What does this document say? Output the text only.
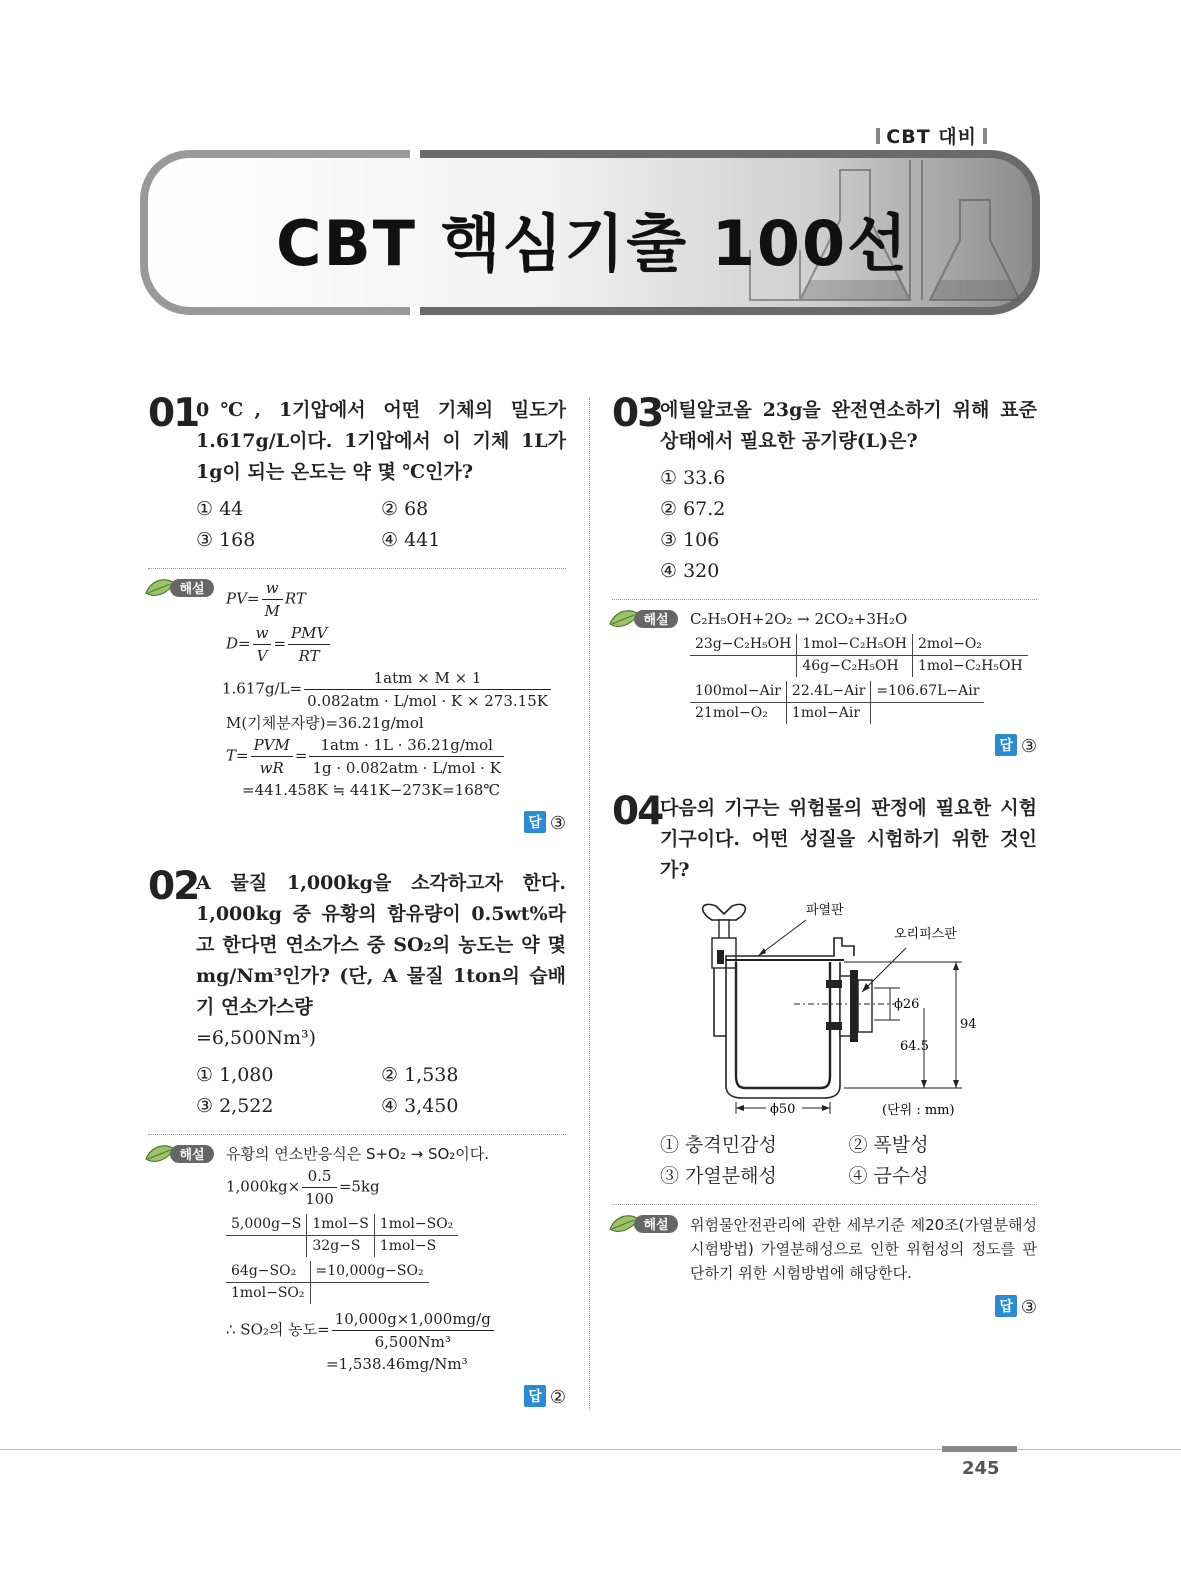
CBT 대비
CBT 핵심기출 100선
01
0℃, 1기압에서 어떤 기체의 밀도가 1.617g/L이다. 1기압에서 이 기체 1L가 1g이 되는 온도는 약 몇 ℃인가?
① 44	② 68
③ 168	④ 441
해설 $PV= \frac{w}{M}$ RT
$D= \frac{w}{V} = \frac{\text{PMV}}{RT}$
$1.617g/L= \frac{\text{1atm × M × 1}}{\text{0.082atm · L/mol · K × 273.15K}}$
M(기체분자량)=36.21g/mol
$T= \frac{\text{PVM}}{wR} = \frac{\text{1atm · 1L · 36.21g/mol}}{\text{1g · 0.082atm · L/mol · K}}$
=441.458K ≒ 441K−273K=168℃
답 ③
02
A 물질 1,000kg을 소각하고자 한다. 1,000kg 중 유황의 함유량이 0.5wt%라고 한다면 연소가스 중 SO₂의 농도는 약 몇 mg/Nm³인가? (단, A 물질 1ton의 습배기 연소가스량
=6,500Nm³)
① 1,080	② 1,538
③ 2,522	④ 3,450
해설 유황의 연소반응식은 S+O₂ → SO₂이다.
$1,000kg\times \frac{0.5}{100} =5kg$
5,000g−S	1mol−S	1mol−SO₂
	32g−S	1mol−S
64g−SO₂	=10,000g−SO₂
1mol−SO₂	
∴ SO₂의 농도= $\frac{10,000g\times 1,000mg/g}{\text{6,500Nm³}}$
=1,538.46mg/Nm³
답 ②
03
에틸알코올 23g을 완전연소하기 위해 표준상태에서 필요한 공기량(L)은?
① 33.6
② 67.2
③ 106
④ 320
해설 C₂H₅OH+2O₂ → 2CO₂+3H₂O
23g−C₂H₅OH	1mol−C₂H₅OH	2mol−O₂
	46g−C₂H₅OH	1mol−C₂H₅OH
100mol−Air	22.4L−Air	=106.67L−Air
21mol−O₂	1mol−Air	
답 ③
04
다음의 기구는 위험물의 판정에 필요한 시험 기구이다. 어떤 성질을 시험하기 위한 것인가?
파열판
오리피스판
ϕ26
94
64.5
ϕ50	(단위 : mm)
① 충격민감성	② 폭발성
③ 가열분해성	④ 금수성
해설 위험물안전관리에 관한 세부기준 제20조(가열분해성 시험방법) 가열분해성으로 인한 위험성의 정도를 판단하기 위한 시험방법에 해당한다.
답 ③
245
